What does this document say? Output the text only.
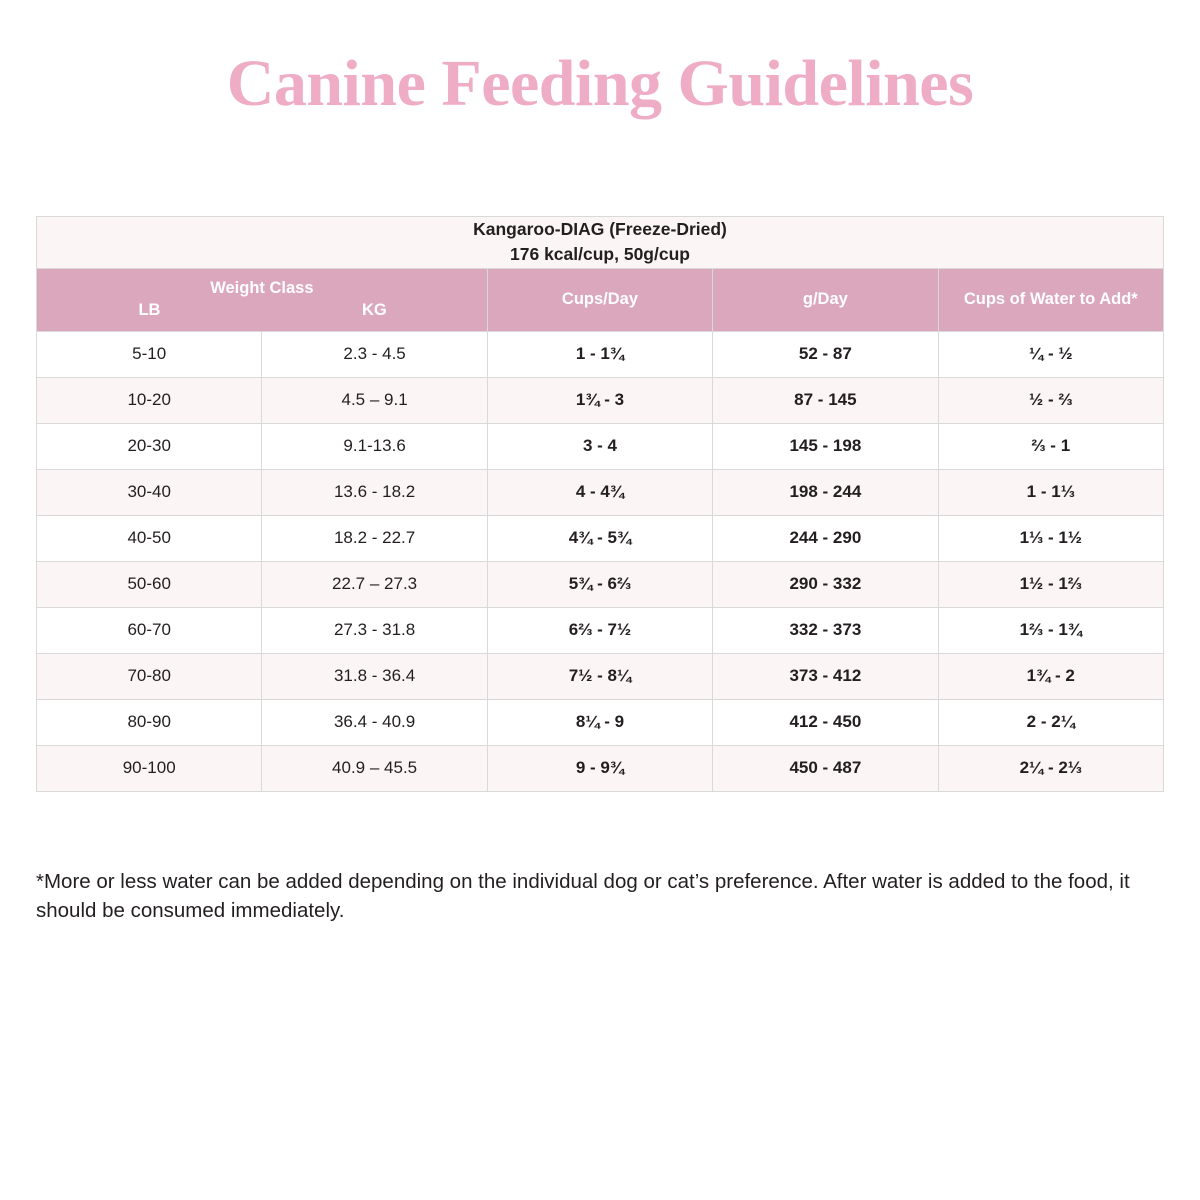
Canine Feeding Guidelines
Kangaroo-DIAG (Freeze-Dried)
176 kcal/cup, 50g/cup				

Weight Class
LB KG		Cups/Day	g/Day	Cups of Water to Add*
5-10	2.3 - 4.5	1 - 1¾	52 - 87	¼ - ½
10-20	4.5 – 9.1	1¾ - 3	87 - 145	½ - ⅔
20-30	9.1-13.6	3 - 4	145 - 198	⅔ - 1
30-40	13.6 - 18.2	4 - 4¾	198 - 244	1 - 1⅓
40-50	18.2 - 22.7	4¾ - 5¾	244 - 290	1⅓ - 1½
50-60	22.7 – 27.3	5¾ - 6⅔	290 - 332	1½ - 1⅔
60-70	27.3 - 31.8	6⅔ - 7½	332 - 373	1⅔ - 1¾
70-80	31.8 - 36.4	7½ - 8¼	373 - 412	1¾ - 2
80-90	36.4 - 40.9	8¼ - 9	412 - 450	2 - 2¼
90-100	40.9 – 45.5	9 - 9¾	450 - 487	2¼ - 2⅓

*More or less water can be added depending on the individual dog or cat’s preference. After water is added to the food, it should be consumed immediately.
